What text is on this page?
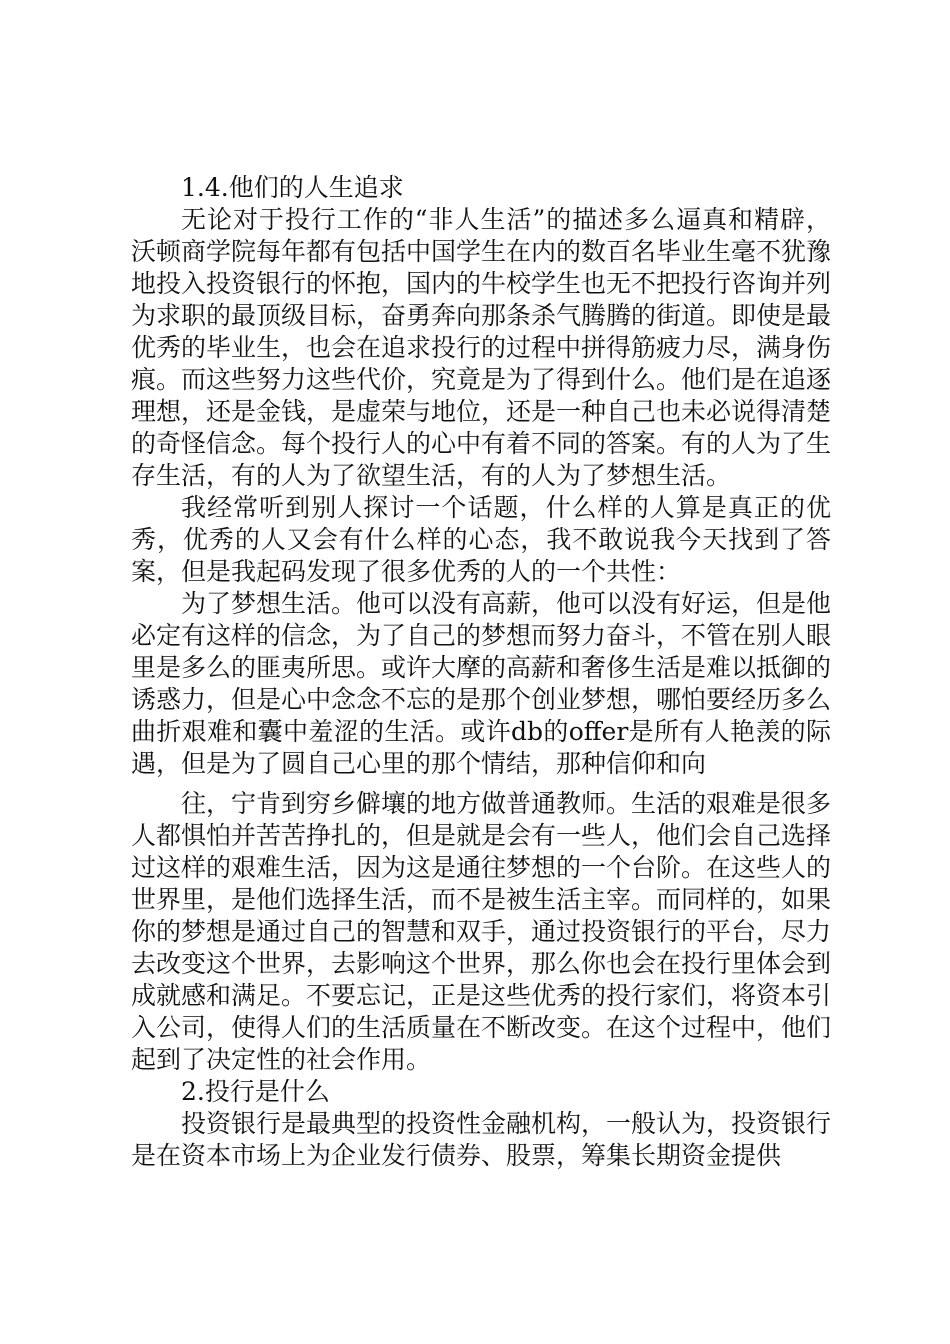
1.4.他们的人生追求

无论对于投行工作的“非人生活”的描述多么逼真和精辟，沃顿商学院每年都有包括中国学生在内的数百名毕业生毫不犹豫地投入投资银行的怀抱，国内的牛校学生也无不把投行咨询并列为求职的最顶级目标，奋勇奔向那条杀气腾腾的街道。即使是最优秀的毕业生，也会在追求投行的过程中拼得筋疲力尽，满身伤痕。而这些努力这些代价，究竟是为了得到什么。他们是在追逐理想，还是金钱，是虚荣与地位，还是一种自己也未必说得清楚的奇怪信念。每个投行人的心中有着不同的答案。有的人为了生存生活，有的人为了欲望生活，有的人为了梦想生活。

我经常听到别人探讨一个话题，什么样的人算是真正的优秀，优秀的人又会有什么样的心态，我不敢说我今天找到了答案，但是我起码发现了很多优秀的人的一个共性：

为了梦想生活。他可以没有高薪，他可以没有好运，但是他必定有这样的信念，为了自己的梦想而努力奋斗，不管在别人眼里是多么的匪夷所思。或许大摩的高薪和奢侈生活是难以抵御的诱惑力，但是心中念念不忘的是那个创业梦想，哪怕要经历多么曲折艰难和囊中羞涩的生活。或许db的offer是所有人艳羡的际遇，但是为了圆自己心里的那个情结，那种信仰和向

往，宁肯到穷乡僻壤的地方做普通教师。生活的艰难是很多人都惧怕并苦苦挣扎的，但是就是会有一些人，他们会自己选择过这样的艰难生活，因为这是通往梦想的一个台阶。在这些人的世界里，是他们选择生活，而不是被生活主宰。而同样的，如果你的梦想是通过自己的智慧和双手，通过投资银行的平台，尽力去改变这个世界，去影响这个世界，那么你也会在投行里体会到成就感和满足。不要忘记，正是这些优秀的投行家们，将资本引入公司，使得人们的生活质量在不断改变。在这个过程中，他们起到了决定性的社会作用。

2.投行是什么

投资银行是最典型的投资性金融机构，一般认为，投资银行是在资本市场上为企业发行债券、股票，筹集长期资金提供
